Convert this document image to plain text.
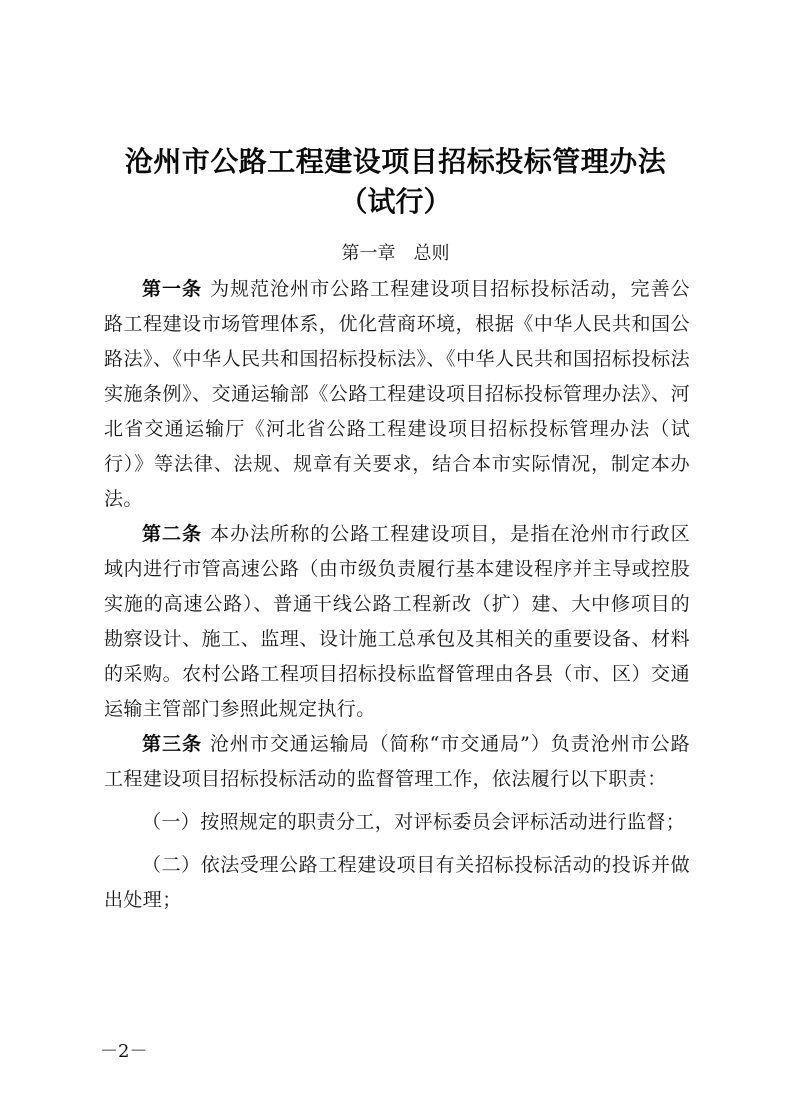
沧州市公路工程建设项目招标投标管理办法
（试行）
第一章　总则

第一条 为规范沧州市公路工程建设项目招标投标活动，完善公路工程建设市场管理体系，优化营商环境，根据《中华人民共和国公路法》、《中华人民共和国招标投标法》、《中华人民共和国招标投标法实施条例》、交通运输部《公路工程建设项目招标投标管理办法》、河北省交通运输厅《河北省公路工程建设项目招标投标管理办法（试行）》等法律、法规、规章有关要求，结合本市实际情况，制定本办法。

第二条 本办法所称的公路工程建设项目，是指在沧州市行政区域内进行市管高速公路（由市级负责履行基本建设程序并主导或控股实施的高速公路）、普通干线公路工程新改（扩）建、大中修项目的勘察设计、施工、监理、设计施工总承包及其相关的重要设备、材料的采购。农村公路工程项目招标投标监督管理由各县（市、区）交通运输主管部门参照此规定执行。

第三条 沧州市交通运输局（简称“市交通局”）负责沧州市公路工程建设项目招标投标活动的监督管理工作，依法履行以下职责：

（一）按照规定的职责分工，对评标委员会评标活动进行监督；

（二）依法受理公路工程建设项目有关招标投标活动的投诉并做出处理；

－2－
